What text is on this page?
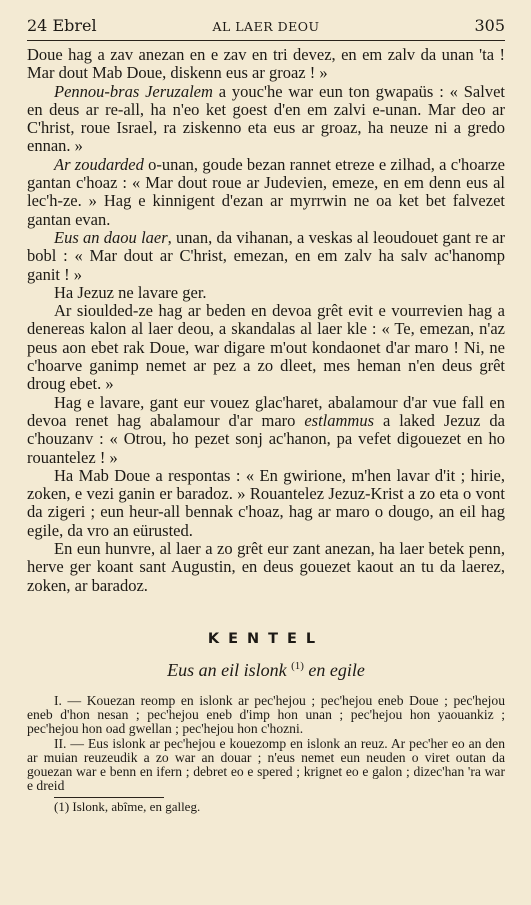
24 Ebrel	AL LAER DEOU	305

Doue hag a zav anezan en e zav en tri devez, en em zalv da unan 'ta ! Mar dout Mab Doue, diskenn eus ar groaz ! »

Pennou-bras Jeruzalem a youc'he war eun ton gwapaüs : « Salvet en deus ar re-all, ha n'eo ket goest d'en em zalvi e-unan. Mar deo ar C'hrist, roue Israel, ra ziskenno eta eus ar groaz, ha neuze ni a gredo ennan. »

Ar zoudarded o-unan, goude bezan rannet etreze e zilhad, a c'hoarze gantan c'hoaz : « Mar dout roue ar Judevien, emeze, en em denn eus al lec'h-ze. » Hag e kinnigent d'ezan ar myrrwin ne oa ket bet falvezet gantan evan.

Eus an daou laer, unan, da vihanan, a veskas al leoudouet gant re ar bobl : « Mar dout ar C'hrist, emezan, en em zalv ha salv ac'hanomp ganit ! »

Ha Jezuz ne lavare ger.

Ar sioulded-ze hag ar beden en devoa grêt evit e vourrevien hag a denereas kalon al laer deou, a skandalas al laer kle : « Te, emezan, n'az peus aon ebet rak Doue, war digare m'out kondaonet d'ar maro ! Ni, ne c'hoarve ganimp nemet ar pez a zo dleet, mes heman n'en deus grêt droug ebet. »

Hag e lavare, gant eur vouez glac'haret, abalamour d'ar vue fall en devoa renet hag abalamour d'ar maro estlammus a laked Jezuz da c'houzanv : « Otrou, ho pezet sonj ac'hanon, pa vefet digouezet en ho rouantelez ! »

Ha Mab Doue a respontas : « En gwirione, m'hen lavar d'it ; hirie, zoken, e vezi ganin er baradoz. » Rouantelez Jezuz-Krist a zo eta o vont da zigeri ; eun heur-all bennak c'hoaz, hag ar maro o dougo, an eil hag egile, da vro an eürusted.

En eun hunvre, al laer a zo grêt eur zant anezan, ha laer betek penn, herve ger koant sant Augustin, en deus gouezet kaout an tu da laerez, zoken, ar baradoz.

KENTEL
Eus an eil islonk $^{(1)}$ en egile

I. — Kouezan reomp en islonk ar pec'hejou ; pec'hejou eneb Doue ; pec'hejou eneb d'hon nesan ; pec'hejou eneb d'imp hon unan ; pec'hejou hon yaouankiz ; pec'hejou hon oad gwellan ; pec'hejou hon c'hozni.

II. — Eus islonk ar pec'hejou e kouezomp en islonk an reuz. Ar pec'her eo an den ar muian reuzeudik a zo war an douar ; n'eus nemet eun neuden o viret outan da gouezan war e benn en ifern ; debret eo e spered ; krignet eo e galon ; dizec'han 'ra war e dreid

(1) Islonk, abîme, en galleg.
